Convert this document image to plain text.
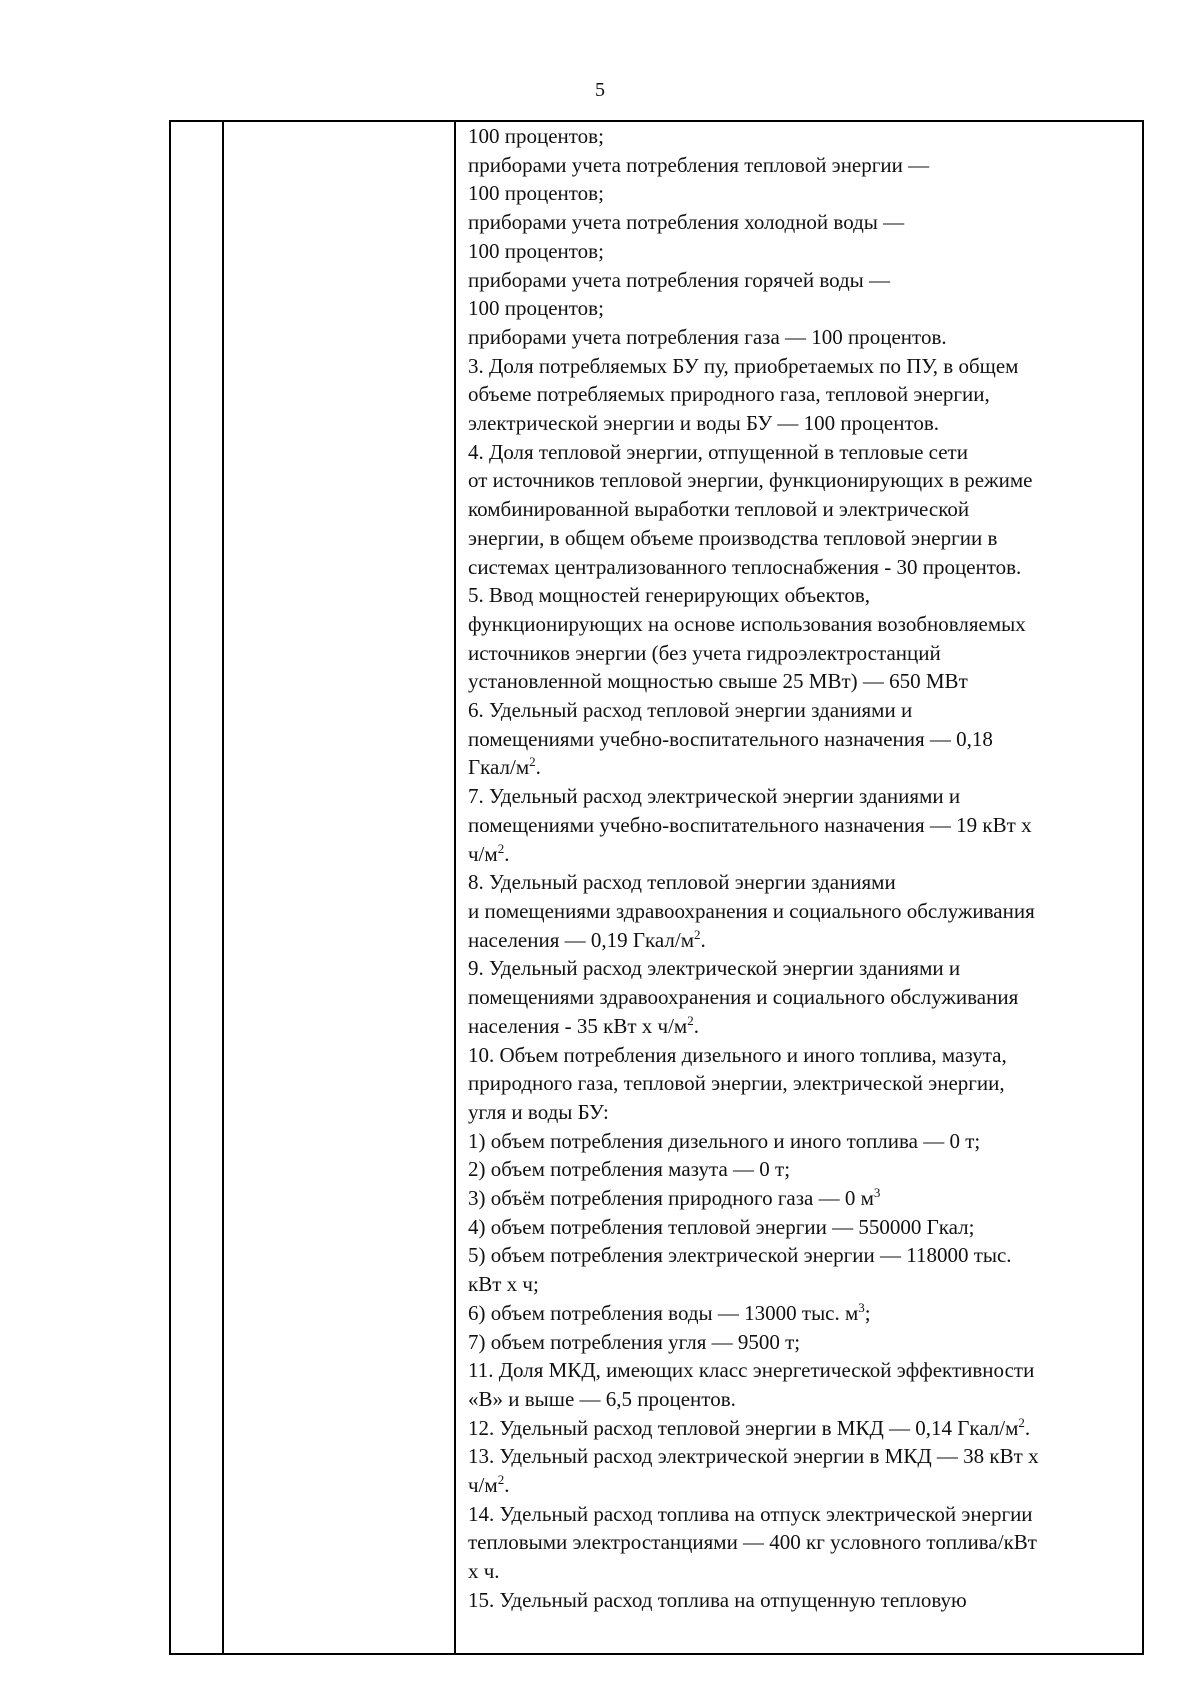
5
100 процентов;
приборами учета потребления тепловой энергии —
100 процентов;
приборами учета потребления холодной воды —
100 процентов;
приборами учета потребления горячей воды —
100 процентов;
приборами учета потребления газа — 100 процентов.
3. Доля потребляемых БУ пу, приобретаемых по ПУ, в общем
объеме потребляемых природного газа, тепловой энергии,
электрической энергии и воды БУ — 100 процентов.
4. Доля тепловой энергии, отпущенной в тепловые сети
от источников тепловой энергии, функционирующих в режиме
комбинированной выработки тепловой и электрической
энергии, в общем объеме производства тепловой энергии в
системах централизованного теплоснабжения - 30 процентов.
5. Ввод мощностей генерирующих объектов,
функционирующих на основе использования возобновляемых
источников энергии (без учета гидроэлектростанций
установленной мощностью свыше 25 МВт) — 650 МВт
6. Удельный расход тепловой энергии зданиями и
помещениями учебно-воспитательного назначения — 0,18
Гкал/$м^2$.
7. Удельный расход электрической энергии зданиями и
помещениями учебно-воспитательного назначения — 19 кВт х
$ч/м^2$.
8. Удельный расход тепловой энергии зданиями
и помещениями здравоохранения и социального обслуживания
населения — 0,19 Гкал/$м^2$.
9. Удельный расход электрической энергии зданиями и
помещениями здравоохранения и социального обслуживания
населения - 35 кВт х $ч/м^2$.
10. Объем потребления дизельного и иного топлива, мазута,
природного газа, тепловой энергии, электрической энергии,
угля и воды БУ:
1) объем потребления дизельного и иного топлива — 0 т;
2) объем потребления мазута — 0 т;
3) объём потребления природного газа — 0 $м^3$
4) объем потребления тепловой энергии — 550000 Гкал;
5) объем потребления электрической энергии — 118000 тыс.
кВт х ч;
6) объем потребления воды — 13000 тыс. $м^3$;
7) объем потребления угля — 9500 т;
11. Доля МКД, имеющих класс энергетической эффективности
«В» и выше — 6,5 процентов.
12. Удельный расход тепловой энергии в МКД — 0,14 Гкал/$м^2$.
13. Удельный расход электрической энергии в МКД — 38 кВт х
$ч/м^2$.
14. Удельный расход топлива на отпуск электрической энергии
тепловыми электростанциями — 400 кг условного топлива/кВт
х ч.
15. Удельный расход топлива на отпущенную тепловую
